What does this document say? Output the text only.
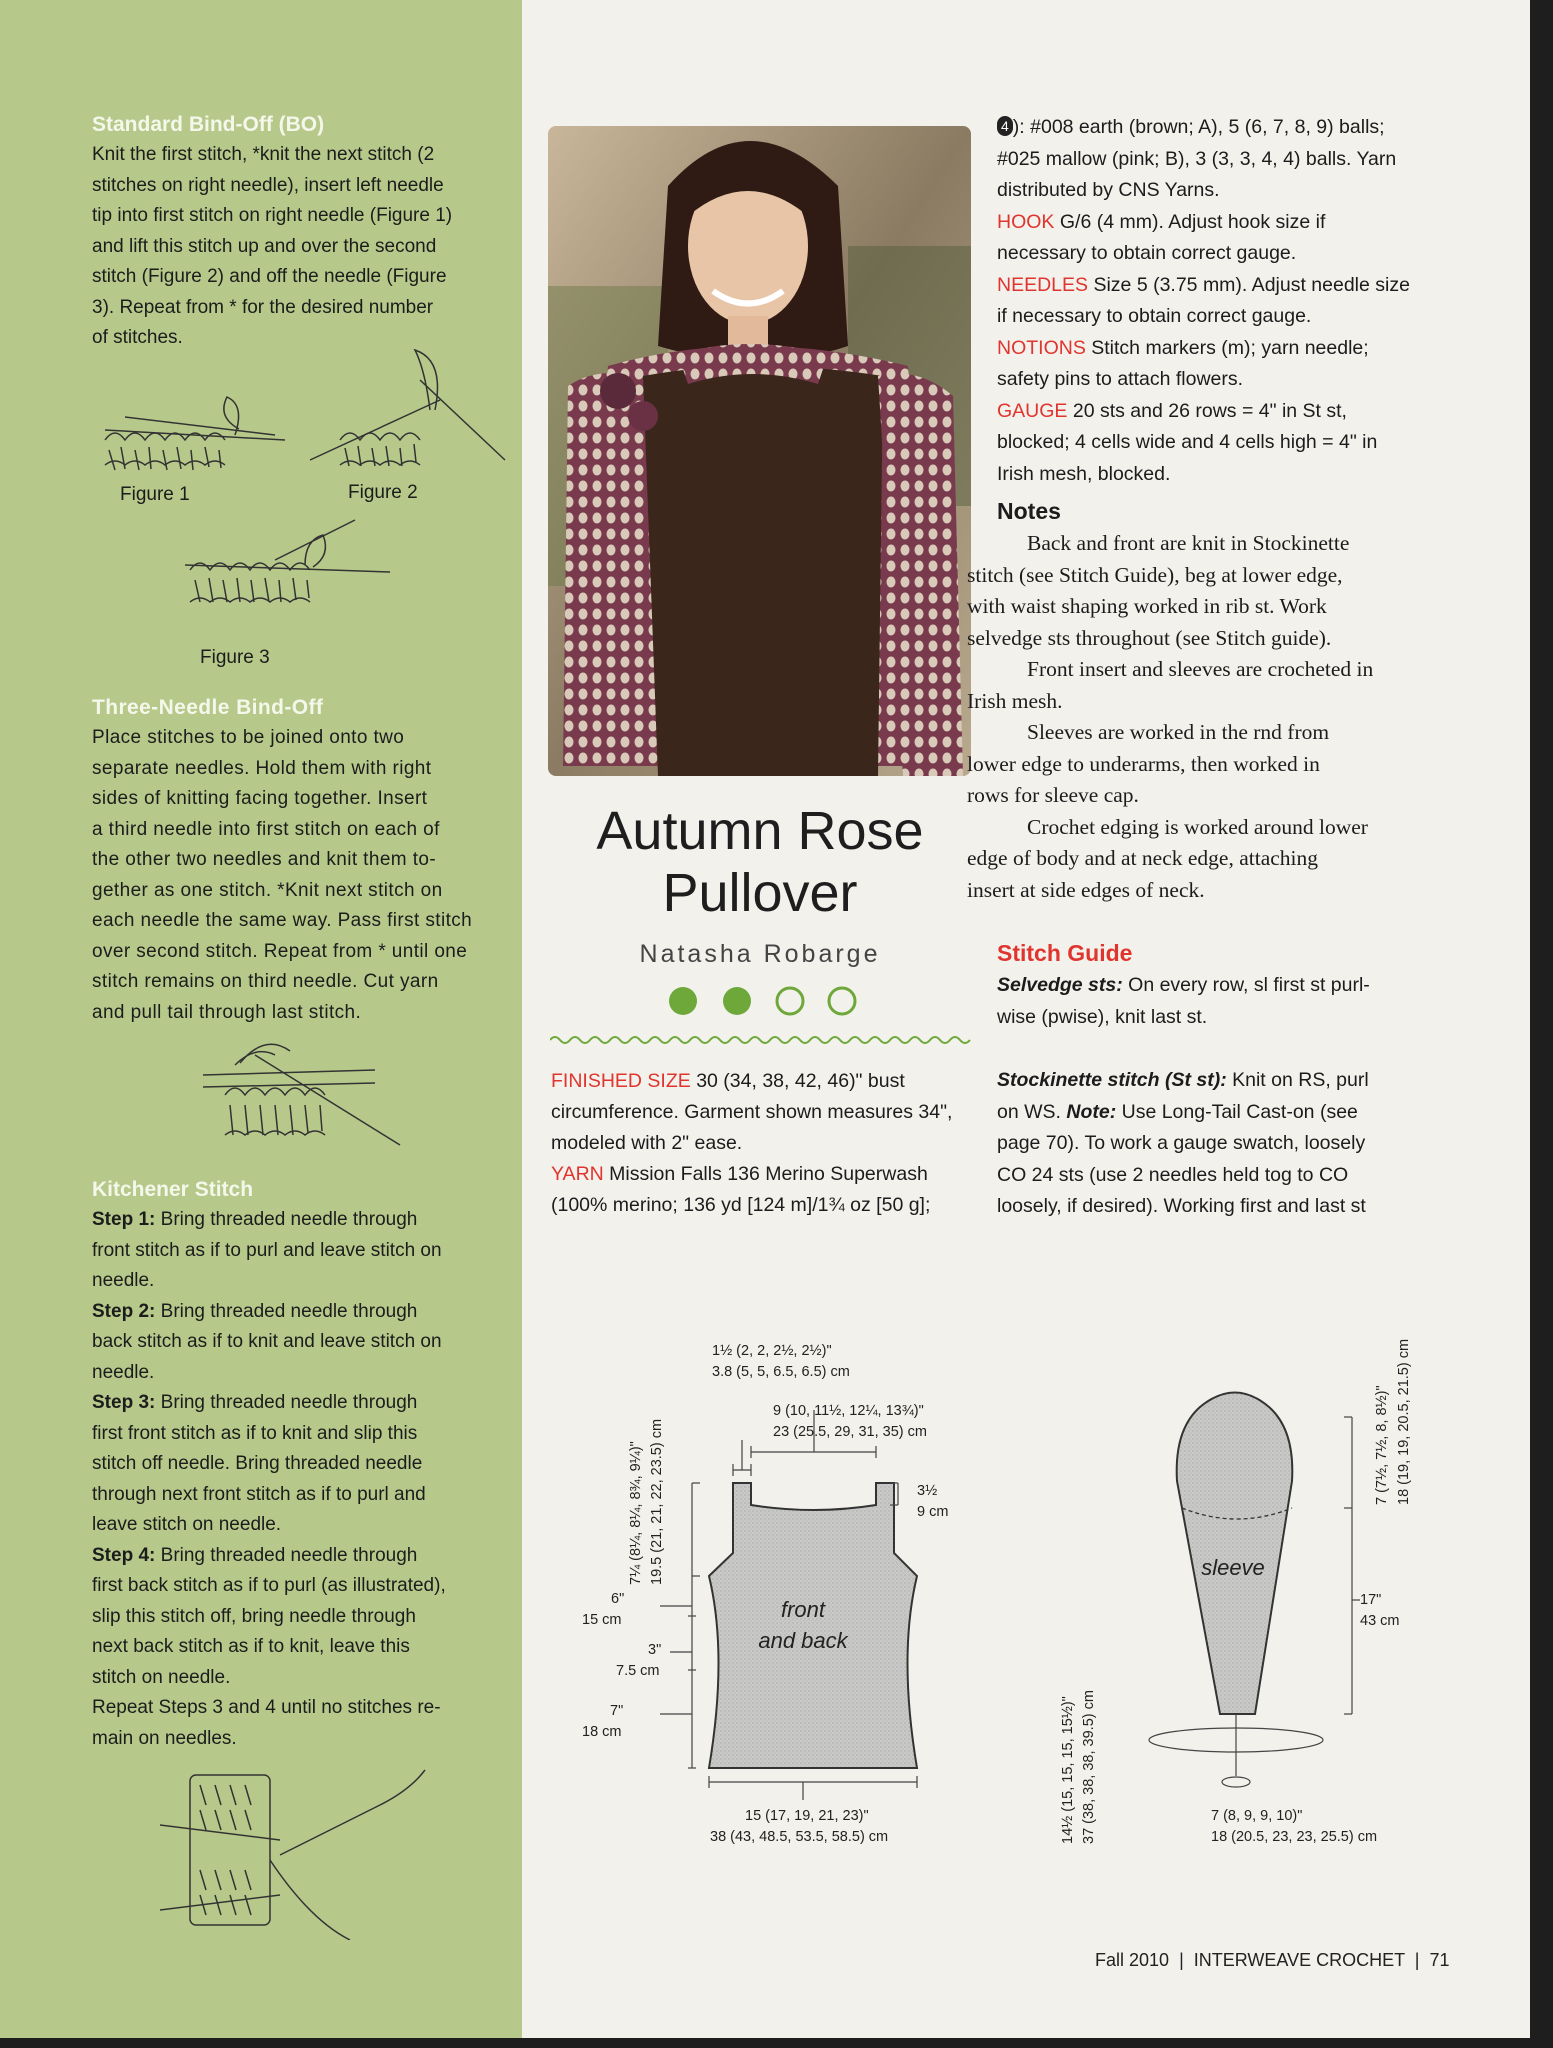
Standard Bind-Off (BO)

Knit the first stitch, *knit the next stitch (2
stitches on right needle), insert left needle
tip into first stitch on right needle (Figure 1)
and lift this stitch up and over the second
stitch (Figure 2) and off the needle (Figure
3). Repeat from * for the desired number
of stitches.

Figure 1	Figure 2
Figure 3
Three-Needle Bind-Off

Place stitches to be joined onto two
separate needles. Hold them with right
sides of knitting facing together. Insert
a third needle into first stitch on each of
the other two needles and knit them to-
gether as one stitch. *Knit next stitch on
each needle the same way. Pass first stitch
over second stitch. Repeat from * until one
stitch remains on third needle. Cut yarn
and pull tail through last stitch.

Kitchener Stitch

Step 1: Bring threaded needle through
front stitch as if to purl and leave stitch on
needle.

Step 2: Bring threaded needle through
back stitch as if to knit and leave stitch on
needle.

Step 3: Bring threaded needle through
first front stitch as if to knit and slip this
stitch off needle. Bring threaded needle
through next front stitch as if to purl and
leave stitch on needle.

Step 4: Bring threaded needle through
first back stitch as if to purl (as illustrated),
slip this stitch off, bring needle through
next back stitch as if to knit, leave this
stitch on needle.

Repeat Steps 3 and 4 until no stitches re-
main on needles.

Autumn Rose
Pullover
Natasha Robarge
FINISHED SIZE 30 (34, 38, 42, 46)" bust
circumference. Garment shown measures 34",
modeled with 2" ease.
YARN Mission Falls 136 Merino Superwash
(100% merino; 136 yd [124 m]/1¾ oz [50 g];
4 ): #008 earth (brown; A), 5 (6, 7, 8, 9) balls;
#025 mallow (pink; B), 3 (3, 3, 4, 4) balls. Yarn
distributed by CNS Yarns.
HOOK G/6 (4 mm). Adjust hook size if
necessary to obtain correct gauge.
NEEDLES Size 5 (3.75 mm). Adjust needle size
if necessary to obtain correct gauge.
NOTIONS Stitch markers (m); yarn needle;
safety pins to attach flowers.
GAUGE 20 sts and 26 rows = 4" in St st,
blocked; 4 cells wide and 4 cells high = 4" in
Irish mesh, blocked.
Notes

Back and front are knit in Stockinette
stitch (see Stitch Guide), beg at lower edge,
with waist shaping worked in rib st. Work
selvedge sts throughout (see Stitch guide).

Front insert and sleeves are crocheted in
Irish mesh.

Sleeves are worked in the rnd from
lower edge to underarms, then worked in
rows for sleeve cap.

Crochet edging is worked around lower
edge of body and at neck edge, attaching
insert at side edges of neck.

Stitch Guide
Selvedge sts: On every row, sl first st purl-
wise (pwise), knit last st.
Stockinette stitch (St st): Knit on RS, purl
on WS. Note: Use Long-Tail Cast-on (see
page 70). To work a gauge swatch, loosely
CO 24 sts (use 2 needles held tog to CO
loosely, if desired). Working first and last st
front
and back
1½ (2, 2, 2½, 2½)"
3.8 (5, 5, 6.5, 6.5) cm
9 (10, 11½, 12¼, 13¾)"
23 (25.5, 29, 31, 35) cm
3½
9 cm
7¼ (8¼, 8¼, 8¾, 9¼)" 19.5 (21, 21, 22, 23.5) cm
6"
15 cm
3"
7.5 cm
7"
18 cm
15 (17, 19, 21, 23)"
38 (43, 48.5, 53.5, 58.5) cm
sleeve
7 (7½, 7½, 8, 8½)" 18 (19, 19, 20.5, 21.5) cm
17"
43 cm
14½ (15, 15, 15, 15½)" 37 (38, 38, 38, 39.5) cm	7 (8, 9, 9, 10)"
18 (20.5, 23, 23, 25.5) cm
Fall 2010  |  INTERWEAVE CROCHET  |  71
